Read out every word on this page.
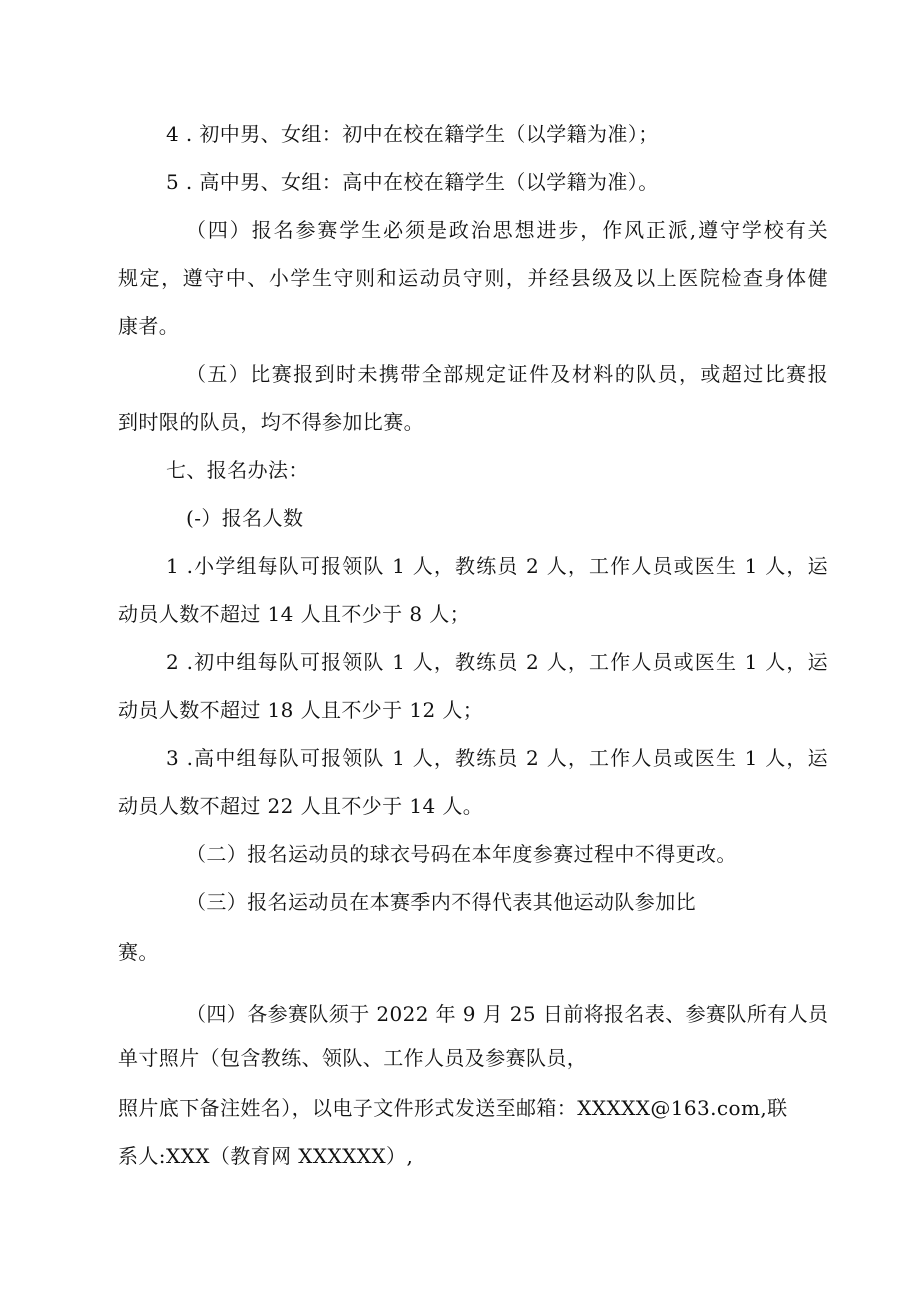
4 . 初中男、女组：初中在校在籍学生（以学籍为准）；
5 . 高中男、女组：高中在校在籍学生（以学籍为准）。
（四）报名参赛学生必须是政治思想进步，作风正派,遵守学校有关
规定，遵守中、小学生守则和运动员守则，并经县级及以上医院检查身体健
康者。
（五）比赛报到时未携带全部规定证件及材料的队员，或超过比赛报
到时限的队员，均不得参加比赛。
七、报名办法：
(-）报名人数
1 .小学组每队可报领队 1 人，教练员 2 人，工作人员或医生 1 人，运
动员人数不超过 14 人且不少于 8 人；
2 .初中组每队可报领队 1 人，教练员 2 人，工作人员或医生 1 人，运
动员人数不超过 18 人且不少于 12 人；
3 .高中组每队可报领队 1 人，教练员 2 人，工作人员或医生 1 人，运
动员人数不超过 22 人且不少于 14 人。
（二）报名运动员的球衣号码在本年度参赛过程中不得更改。
（三）报名运动员在本赛季内不得代表其他运动队参加比
赛。
（四）各参赛队须于 2022 年 9 月 25 日前将报名表、参赛队所有人员
单寸照片（包含教练、领队、工作人员及参赛队员，
照片底下备注姓名），以电子文件形式发送至邮箱：XXXXX@163.com,联
系人:XXX（教育网 XXXXXX）,
